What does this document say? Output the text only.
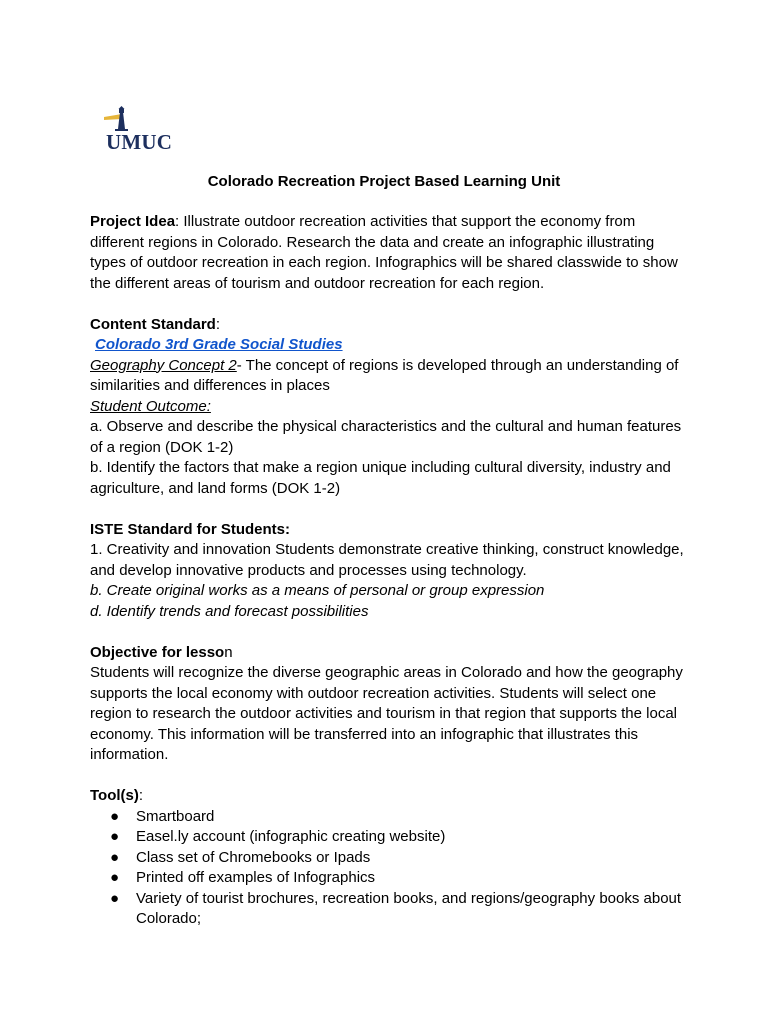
UMUC
Colorado Recreation Project Based Learning Unit

Project Idea: Illustrate outdoor recreation activities that support the economy from different regions in Colorado. Research the data and create an infographic illustrating types of outdoor recreation in each region. Infographics will be shared classwide to show the different areas of tourism and outdoor recreation for each region.

Content Standard:

Colorado 3rd Grade Social Studies

Geography Concept 2- The concept of regions is developed through an understanding of similarities and differences in places

Student Outcome:

a. Observe and describe the physical characteristics and the cultural and human features of a region (DOK 1-2)

b. Identify the factors that make a region unique including cultural diversity, industry and agriculture, and land forms (DOK 1-2)

ISTE Standard for Students:

1. Creativity and innovation Students demonstrate creative thinking, construct knowledge, and develop innovative products and processes using technology.

b. Create original works as a means of personal or group expression

d. Identify trends and forecast possibilities

Objective for lesson

Students will recognize the diverse geographic areas in Colorado and how the geography supports the local economy with outdoor recreation activities. Students will select one region to research the outdoor activities and tourism in that region that supports the local economy. This information will be transferred into an infographic that illustrates this information.

Tool(s):

● Smartboard
● Easel.ly account (infographic creating website)
● Class set of Chromebooks or Ipads
● Printed off examples of Infographics
● Variety of tourist brochures, recreation books, and regions/geography books about Colorado;
